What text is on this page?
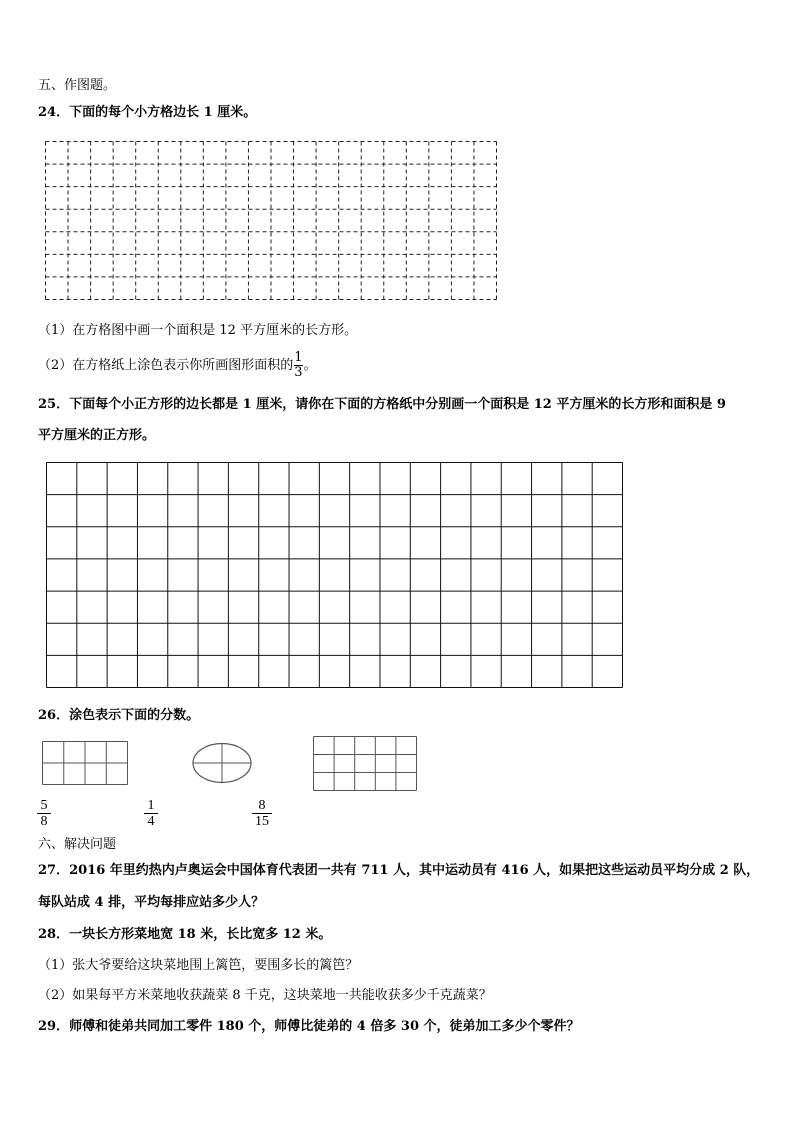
五、作图题。
24．下面的每个小方格边长 1 厘米。
（1）在方格图中画一个面积是 12 平方厘米的长方形。
（2）在方格纸上涂色表示你所画图形面积的 $\frac{1}{3}$ 。
25．下面每个小正方形的边长都是 1 厘米，请你在下面的方格纸中分别画一个面积是 12 平方厘米的长方形和面积是 9
平方厘米的正方形。
26．涂色表示下面的分数。
$\frac{5}{8}$	$\frac{1}{4}$	$\frac{8}{15}$
六、解决问题
27．2016 年里约热内卢奥运会中国体育代表团一共有 711 人，其中运动员有 416 人，如果把这些运动员平均分成 2 队，
每队站成 4 排，平均每排应站多少人？
28．一块长方形菜地宽 18 米，长比宽多 12 米。
（1）张大爷要给这块菜地围上篱笆，要围多长的篱笆？
（2）如果每平方米菜地收获蔬菜 8 千克，这块菜地一共能收获多少千克蔬菜？
29．师傅和徒弟共同加工零件 180 个，师傅比徒弟的 4 倍多 30 个，徒弟加工多少个零件？
